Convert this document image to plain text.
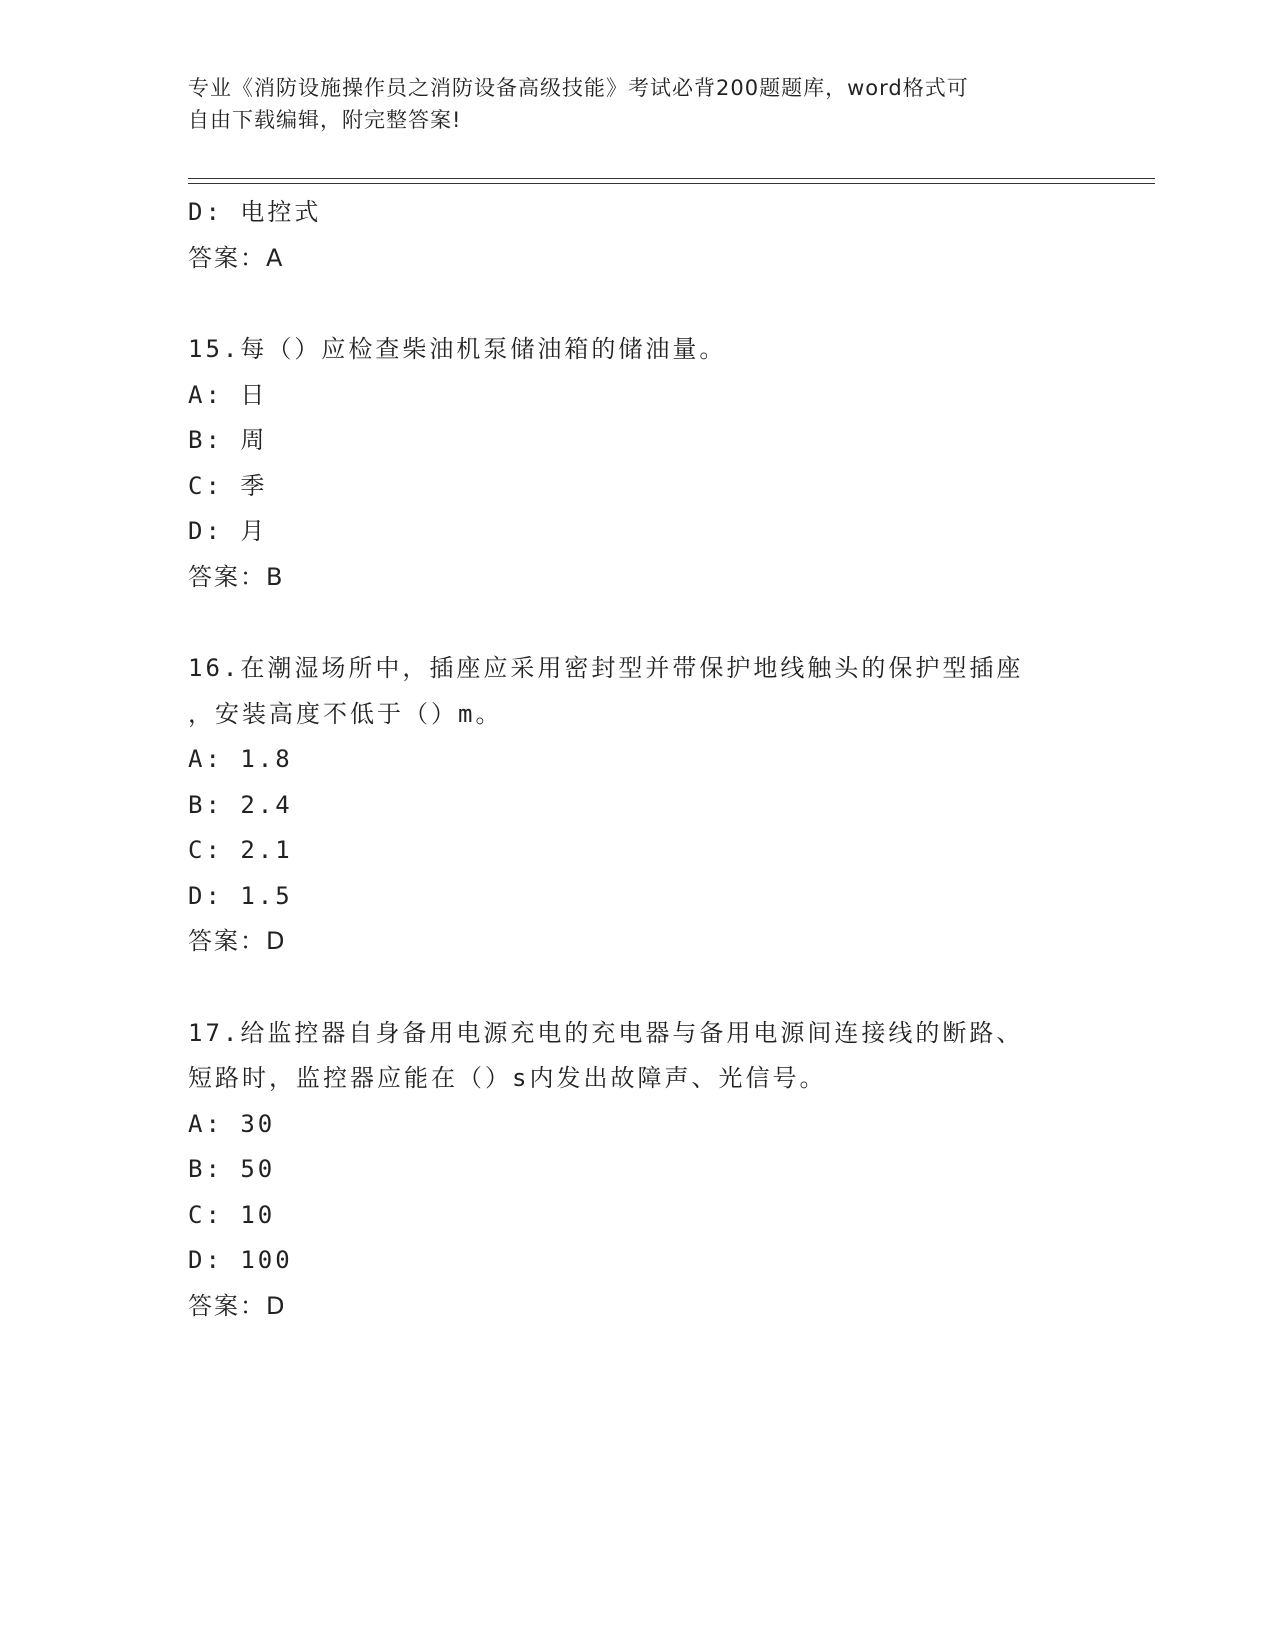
专业《消防设施操作员之消防设备高级技能》考试必背200题题库，word格式可
自由下载编辑，附完整答案!
D: 电控式
答案：A
15.每（）应检查柴油机泵储油箱的储油量。
A: 日
B: 周
C: 季
D: 月
答案：B
16.在潮湿场所中，插座应采用密封型并带保护地线触头的保护型插座
，安装高度不低于（）m。
A: 1.8
B: 2.4
C: 2.1
D: 1.5
答案：D
17.给监控器自身备用电源充电的充电器与备用电源间连接线的断路、
短路时，监控器应能在（）s内发出故障声、光信号。
A: 30
B: 50
C: 10
D: 100
答案：D
